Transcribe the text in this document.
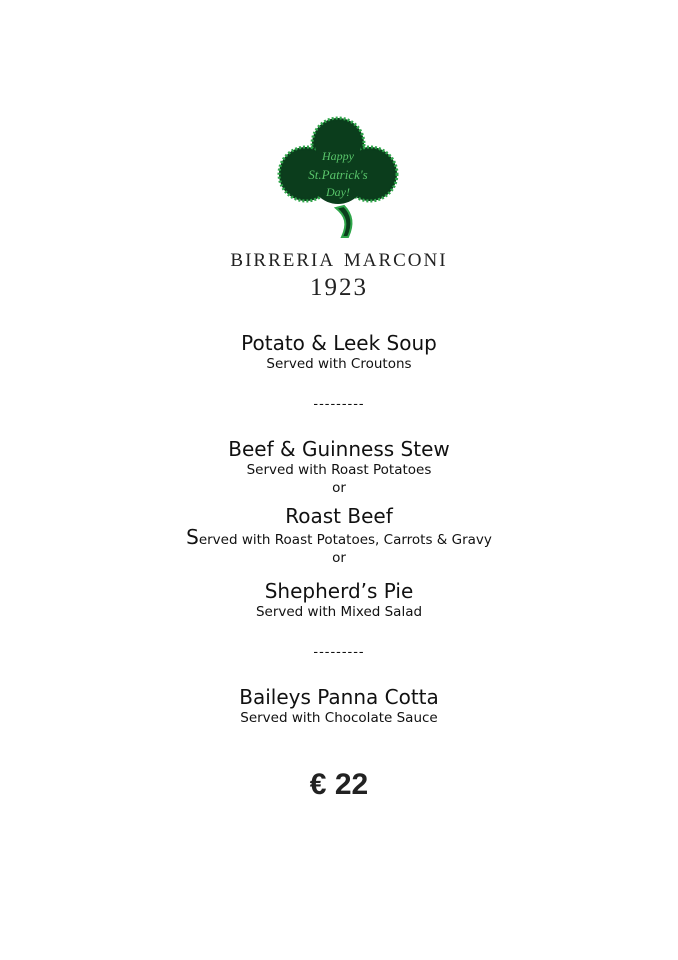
Happy
St.Patrick's
Day!
birreria marconi
1923
Potato & Leek Soup
Served with Croutons
---------
Beef & Guinness Stew
Served with Roast Potatoes
or
Roast Beef
Served with Roast Potatoes, Carrots & Gravy
or
Shepherd’s Pie
Served with Mixed Salad
---------
Baileys Panna Cotta
Served with Chocolate Sauce
€ 22
